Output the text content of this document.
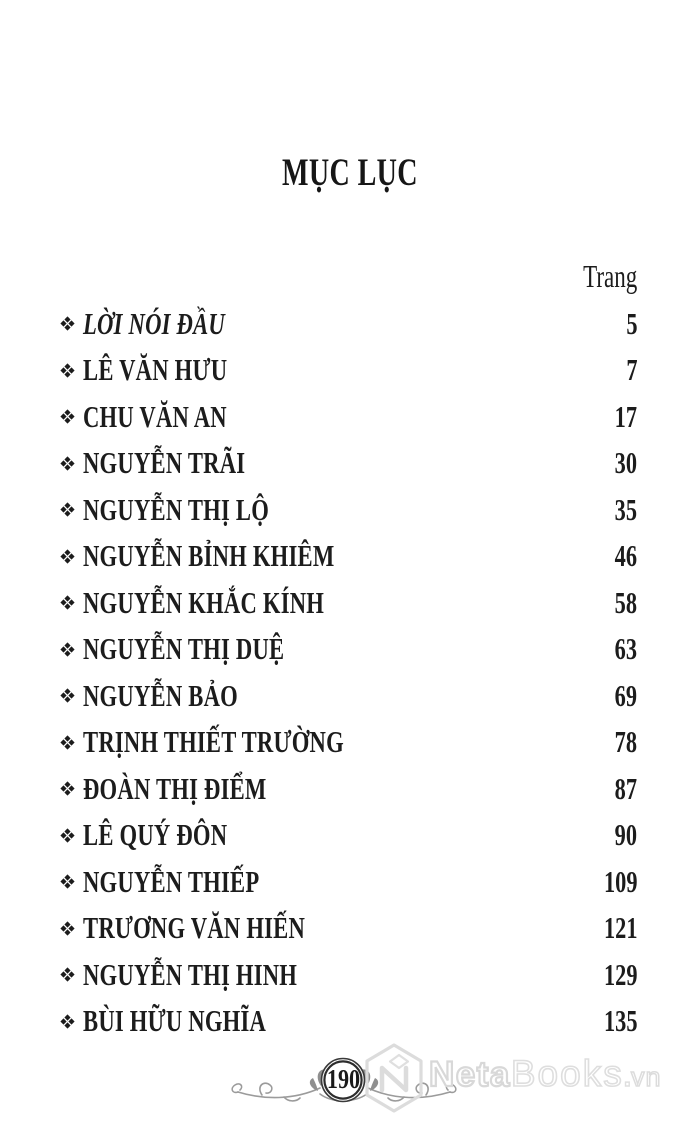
MỤC LỤC
Trang
LỜI NÓI ĐẦU	5
LÊ VĂN HƯU	7
CHU VĂN AN	17
NGUYỄN TRÃI	30
NGUYỄN THỊ LỘ	35
NGUYỄN BỈNH KHIÊM	46
NGUYỄN KHẮC KÍNH	58
NGUYỄN THỊ DUỆ	63
NGUYỄN BẢO	69
TRỊNH THIẾT TRƯỜNG	78
ĐOÀN THỊ ĐIỂM	87
LÊ QUÝ ĐÔN	90
NGUYỄN THIẾP	109
TRƯƠNG VĂN HIẾN	121
NGUYỄN THỊ HINH	129
BÙI HỮU NGHĨA	135
190 Neta Books . vn
